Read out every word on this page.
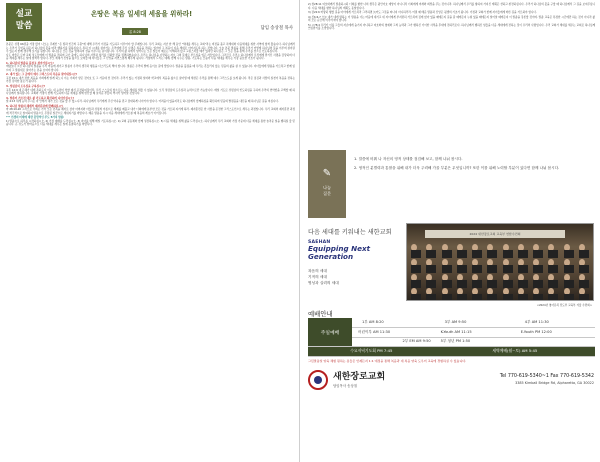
설교
말씀
온땅은 복음 일세대 세움을 위하라!
롬 8:28
담임 송상철 목사

본문은 성경 66권중 가장 많이 나오는 주제인 "온 땅과 인간의 구원"에 대해 우리가 이것을 기도하고 이루어야 할 주제입니다. 우리 교회는 지난 한 해 동안 "세대를 세우는 교회"라는 비전을 품고 차세대와 다음세대를 위한 사역에 힘써 왔습니다. 하나님께서는 우리가 무엇을 하든지 하나님의 뜻을 따라 행하기를 원하십니다. 특히 이 시대를 살아가는 우리에게 주신 사명은 복음을 전하는 일이며 그 복음이 다음 세대로 이어지도록 하는 것입니다. 오늘 본문 말씀을 통해 우리가 어떻게 하나님의 뜻을 이루며 살아갈 수 있는지 함께 생각해 보기를 원합니다. 하나님은 모든 것을 합력하여 선을 이루시는 분이십니다. 우리의 삶 속에서 일어나는 모든 일들이 때로는 이해되지 않고 고통스러울 때가 있지만 하나님은 그 모든 것을 통해 우리를 선으로 인도하십니다.

사도 바울은 로마 교회 성도들에게 이 말씀을 전하며 고난 중에도 하나님의 사랑과 섭리를 신뢰할 것을 권면하였습니다. 우리는 하나님을 사랑하는 자요 그의 뜻대로 부르심을 입은 자들입니다. 그러므로 우리는 하나님께서 우리에게 맡기신 사명을 감당하며 다음 세대를 세우는 일에 힘써야 합니다. 부모 세대가 신앙을 삶으로 보여줄 때 자녀들은 그 신앙을 자연스럽게 배우게 됩니다. 가정에서 드리는 예배, 함께 나누는 말씀, 기도하는 모습이 다음 세대를 세우는 가장 중요한 기초가 됩니다.

1. 하나님의 말씀을 붙잡고 살아가십시오!

계명보다 크신 하나님의 말씀을 우리 마음에 새기고 말씀이 우리의 생각과 행동을 다스리도록 해야 합니다. 말씀은 우리의 발에 등이요 길에 빛입니다. 말씀을 붙잡을 때 우리는 흔들리지 않는 믿음의 삶을 살 수 있습니다. 자녀들에게 말씀을 가르치고 함께 읽으며 그 말씀대로 살아가는 본을 보여야 합니다.

2. 내가 있는 그 곳에서 예수 그리스도의 복음을 살아내십시오!

고전 15:1 내가 전한 복음을 너희에게 알게 하노니 이는 너희가 받은 것이요 또 그 가운데 선 것이라. 우리가 있는 가정과 일터와 학교에서 복음을 삶으로 살아낼 때 세상은 우리를 통해 예수 그리스도를 보게 됩니다. 작은 섬김과 사랑의 실천이 복음을 전하는 가장 강력한 통로가 됩니다.

3. 성령님의 도우심을 구하십시오!

고후 12:9 내 은혜가 네게 족하도다 이는 내 능력이 약한 데서 온전하여짐이라. 우리 스스로의 힘으로는 다음 세대를 세울 수 없습니다. 오직 성령님의 도우심과 능력으로만 가능합니다. 매일 기도로 성령님의 인도하심을 구하며 우리의 연약함을 고백할 때 하나님께서 일하십니다. 교회와 가정이 함께 기도하며 다음 세대를 위해 헌신할 때 놀라운 부흥의 역사가 일어날 것입니다.

4. 말씀이 가르친 대로 삶 기도하고 확신하며 나아가십시오!

빌 4:13 내게 능력 주시는 자 안에서 내가 모든 것을 할 수 있느니라. 하나님께서 우리에게 주신 약속을 믿고 담대하게 나아가야 합니다. 어려움이 있을지라도 하나님께서 함께하심을 확신하며 믿음의 발걸음을 내딛을 때 하나님은 길을 여십니다.

5. 하나님 말씀의 체계적 제자훈련에 함께하십시오

마 28:19-20 그러므로 너희는 가서 모든 민족을 제자로 삼아 아버지와 아들과 성령의 이름으로 세례를 베풀고 내가 너희에게 분부한 모든 것을 가르쳐 지키게 하라. 제자훈련은 한 사람을 온전한 그리스도인으로 세우는 과정입니다. 우리 교회의 제자훈련 과정에 적극적으로 참여하여 말씀으로 무장된 일꾼으로 세워지기를 바랍니다. 배운 말씀을 다시 다음 세대에게 가르칠 때 복음의 계보가 이어집니다.

*** 인생의 미래에 대한 통합적인 주도 5가지 말씀:

1) 말씀으로 하루를 시작하십시오. 2) 가정 예배를 드리십시오. 3) 자녀를 위해 매일 기도하십시오. 4) 교회 공동체와 함께 성장하십시오. 5) 다음 세대를 위해 삶을 드리십시오. 하나님께서 우리 교회와 가정 가운데 다음 세대를 통한 놀라운 일을 행하실 줄 믿습니다. 온 성도가 한마음으로 다음 세대를 세우는 일에 동참하기를 바랍니다.

2) 창28:11 여호와께서 말씀하시되 너희를 향한 나의 생각은 평안이요 재앙이 아니니라 너희에게 미래와 희망을 주는 것이니라. 하나님께서 우리를 향하여 가지신 계획은 선하고 완전하십니다. 우리가 하나님의 뜻을 구할 때 하나님께서 그 길을 보여주십니다. 다음 세대를 향한 하나님의 계획도 동일합니다.

3) 잠22:6 마땅히 행할 길을 아이에게 가르치라 그리하면 늙어도 그것을 떠나지 아니하리라. 어릴 때 배운 말씀과 신앙은 평생의 기초가 됩니다. 가정과 교회가 함께 자녀들에게 바른 길을 가르쳐야 합니다.

4) 신6:6-7 오늘 내가 네게 명하는 이 말씀을 너는 마음에 새기고 네 자녀에게 부지런히 가르치며 집에 앉아 있을 때에든지 길을 갈 때에든지 누워 있을 때에든지 일어날 때에든지 이 말씀을 강론할 것이며. 말씀 교육은 특정한 시간에만 하는 것이 아니라 삶의 모든 순간에 이루어져야 합니다.

5) 시78:4 우리가 이를 그들의 자손에게 숨기지 아니하고 여호와의 영예와 그의 능력과 그가 행하신 기이한 사적을 후대에 전하리로다. 하나님께서 행하신 일들을 다음 세대에게 전하는 것이 우리의 사명입니다. 우리 교회가 세대를 세우는 교회로 하나님께 쓰임받기를 소망합니다.

✎
나눔
질문

1. 말씀에 비춰 나 자신의 영적 상태를 점검해 보고, 함께 나눠 봅시다.

2. 영적인 분별력과 통찰을 위해 내가 더욱 주력해 가꿀 부분은 무엇입니까? 또한 이를 위해 노력할 부분이 있다면 함께 나눠 봅시다.

다음 세대를 키워내는 새한교회
SAEHAN
Equipping Next Generation
복음의 세대
기적의 세대
영성과 실력의 세대
2024 새한장로교회 교육부 연합수련회
<2024년 영아유치 전도부 교육부 겨울 수련회>
예배안내
주일예배	1부 AM 8:20	3부 AM 9:50	4부 AM 11:30
	어린이부 AM 11:30	K-Youth AM 11:15	E-Youth PM 12:00
	2부 EM AM 9:50	5부 청년 PM 1:50	
수요저녁기도회 PM 7:45		새벽예배(월~토) AM 5:45	
그림말씀일 양육 체험 원하는 분들은 언제든지 1:1 예정을 통해 복음과 새 복음 양육 도우미 교육에 경험하실 수 있습니다.
새한장로교회
담임목사 송상철
Tel 770-619-5340~1 Fax 770-619-5342
3385 Kimball Bridge Rd, Alpharetta, GA 30022
